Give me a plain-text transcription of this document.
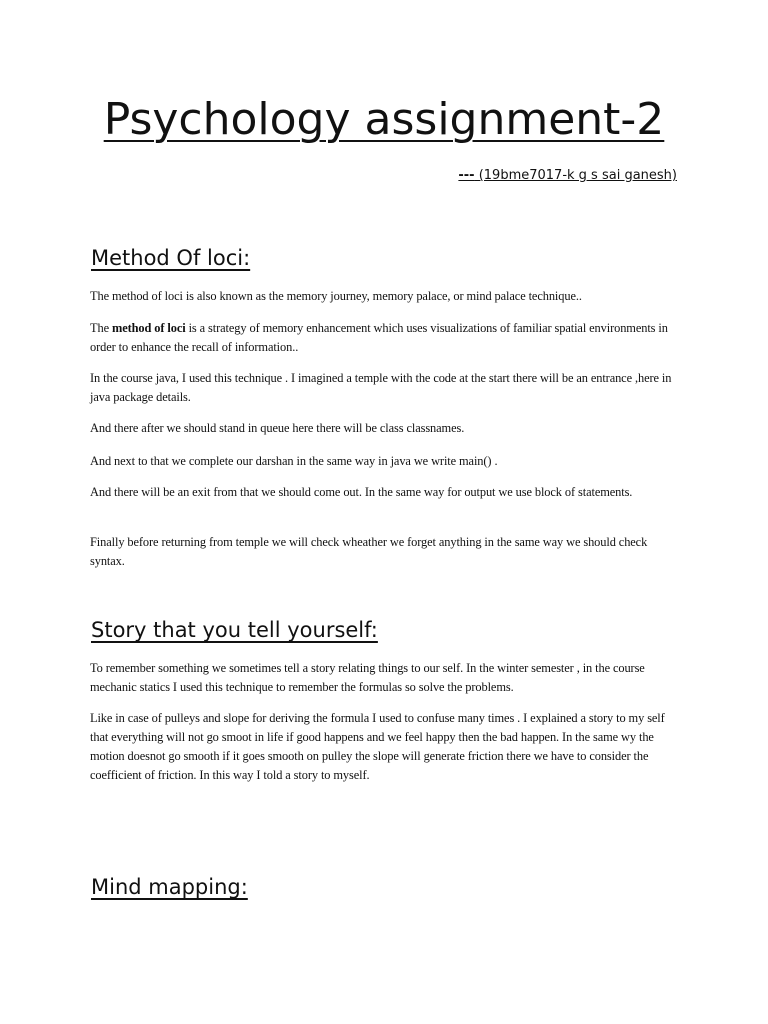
Psychology assignment-2
--- (19bme7017-k g s sai ganesh)
Method Of loci:

The method of loci is also known as the memory journey, memory palace, or mind palace technique..

The method of loci is a strategy of memory enhancement which uses visualizations of familiar spatial environments in order to enhance the recall of information..

In the course java, I used this technique . I imagined a temple with the code at the start there will be an entrance ,here in java package details.

And there after we should stand in queue here there will be class classnames.

And next to that we complete our darshan in the same way in java we write main() .

And there will be an exit from that we should come out. In the same way for output we use block of statements.

Finally before returning from temple we will check wheather we forget anything in the same way we should check syntax.

Story that you tell yourself:

To remember something we sometimes tell a story relating things to our self. In the winter semester , in the course mechanic statics I used this technique to remember the formulas so solve the problems.

Like in case of pulleys and slope for deriving the formula I used to confuse many times . I explained a story to my self that everything will not go smoot in life if good happens and we feel happy then the bad happen. In the same wy the motion doesnot go smooth if it goes smooth on pulley the slope will generate friction there we have to consider the coefficient of friction. In this way I told a story to myself.

Mind mapping:
